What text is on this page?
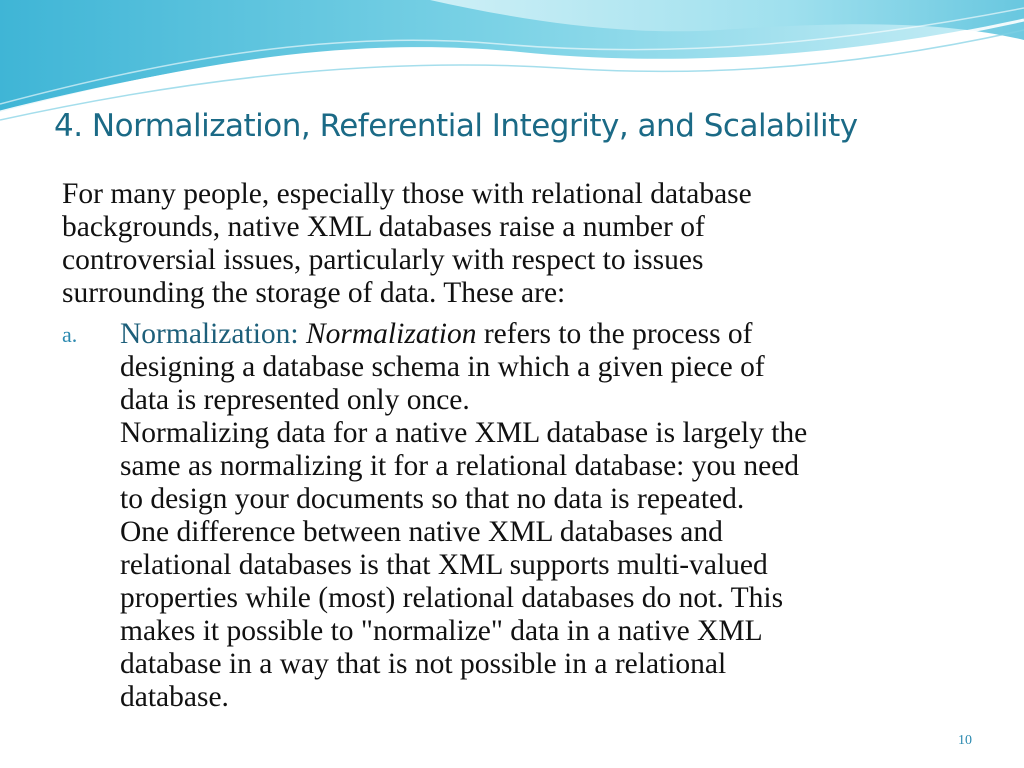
4. Normalization, Referential Integrity, and Scalability

For many people, especially those with relational database

backgrounds, native XML databases raise a number of

controversial issues, particularly with respect to issues

surrounding the storage of data. These are:

a. Normalization: Normalization refers to the process of

designing a database schema in which a given piece of

data is represented only once.

Normalizing data for a native XML database is largely the

same as normalizing it for a relational database: you need

to design your documents so that no data is repeated.

One difference between native XML databases and

relational databases is that XML supports multi-valued

properties while (most) relational databases do not. This

makes it possible to "normalize" data in a native XML

database in a way that is not possible in a relational

database.

10
